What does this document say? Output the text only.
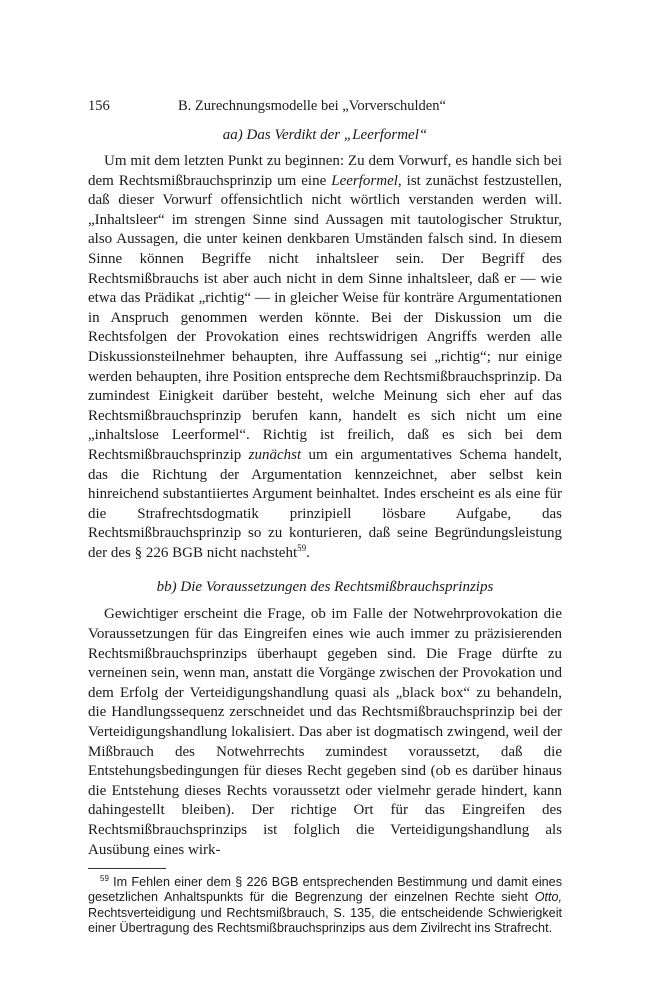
156	B. Zurechnungsmodelle bei „Vorverschulden“
aa) Das Verdikt der „Leerformel“

Um mit dem letzten Punkt zu beginnen: Zu dem Vorwurf, es handle sich bei dem Rechtsmißbrauchsprinzip um eine Leerformel, ist zunächst festzustellen, daß dieser Vorwurf offensichtlich nicht wörtlich verstanden werden will. „Inhaltsleer“ im strengen Sinne sind Aussagen mit tautologischer Struktur, also Aussagen, die unter keinen denkbaren Umständen falsch sind. In diesem Sinne können Begriffe nicht inhaltsleer sein. Der Begriff des Rechtsmißbrauchs ist aber auch nicht in dem Sinne inhaltsleer, daß er — wie etwa das Prädikat „richtig“ — in gleicher Weise für konträre Argumentationen in Anspruch genommen werden könnte. Bei der Diskussion um die Rechtsfolgen der Provokation eines rechtswidrigen Angriffs werden alle Diskussionsteilnehmer behaupten, ihre Auffassung sei „richtig“; nur einige werden behaupten, ihre Position entspreche dem Rechtsmißbrauchsprinzip. Da zumindest Einigkeit darüber besteht, welche Meinung sich eher auf das Rechtsmißbrauchsprinzip berufen kann, handelt es sich nicht um eine „inhaltslose Leerformel“. Richtig ist freilich, daß es sich bei dem Rechtsmißbrauchsprinzip zunächst um ein argumentatives Schema handelt, das die Richtung der Argumentation kennzeichnet, aber selbst kein hinreichend substantiiertes Argument beinhaltet. Indes erscheint es als eine für die Strafrechtsdogmatik prinzipiell lösbare Aufgabe, das Rechtsmißbrauchsprinzip so zu konturieren, daß seine Begründungsleistung der des § 226 BGB nicht nachsteht$^{59}$.

bb) Die Voraussetzungen des Rechtsmißbrauchsprinzips

Gewichtiger erscheint die Frage, ob im Falle der Notwehrprovokation die Voraussetzungen für das Eingreifen eines wie auch immer zu präzisierenden Rechtsmißbrauchsprinzips überhaupt gegeben sind. Die Frage dürfte zu verneinen sein, wenn man, anstatt die Vorgänge zwischen der Provokation und dem Erfolg der Verteidigungshandlung quasi als „black box“ zu behandeln, die Handlungssequenz zerschneidet und das Rechtsmißbrauchsprinzip bei der Verteidigungshandlung lokalisiert. Das aber ist dogmatisch zwingend, weil der Mißbrauch des Notwehrrechts zumindest voraussetzt, daß die Entstehungsbedingungen für dieses Recht gegeben sind (ob es darüber hinaus die Entstehung dieses Rechts voraussetzt oder vielmehr gerade hindert, kann dahingestellt bleiben). Der richtige Ort für das Eingreifen des Rechtsmißbrauchsprinzips ist folglich die Verteidigungshandlung als Ausübung eines wirk-

$^{59}$ Im Fehlen einer dem § 226 BGB entsprechenden Bestimmung und damit eines gesetzlichen Anhaltspunkts für die Begrenzung der einzelnen Rechte sieht Otto, Rechtsverteidigung und Rechtsmißbrauch, S. 135, die entscheidende Schwierigkeit einer Übertragung des Rechtsmißbrauchsprinzips aus dem Zivilrecht ins Strafrecht.
